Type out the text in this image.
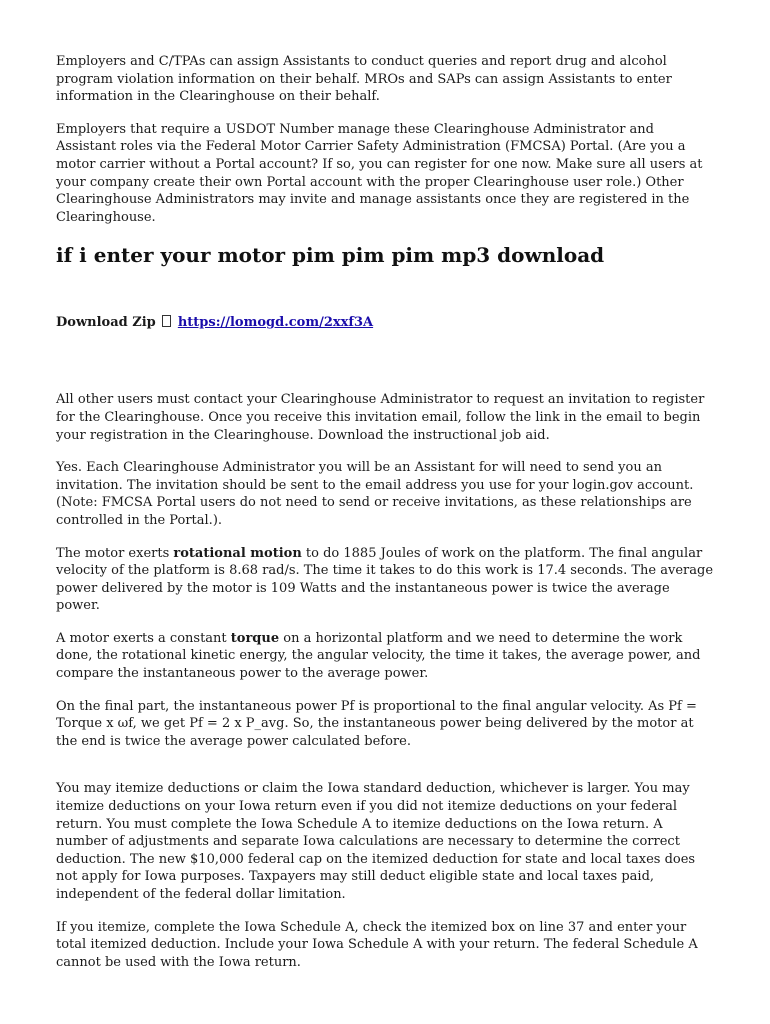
Employers and C/TPAs can assign Assistants to conduct queries and report drug and alcohol program violation information on their behalf. MROs and SAPs can assign Assistants to enter information in the Clearinghouse on their behalf.

Employers that require a USDOT Number manage these Clearinghouse Administrator and Assistant roles via the Federal Motor Carrier Safety Administration (FMCSA) Portal. (Are you a motor carrier without a Portal account? If so, you can register for one now. Make sure all users at your company create their own Portal account with the proper Clearinghouse user role.) Other Clearinghouse Administrators may invite and manage assistants once they are registered in the Clearinghouse.

if i enter your motor pim pim pim mp3 download
Download Zip https://lomogd.com/2xxf3A

All other users must contact your Clearinghouse Administrator to request an invitation to register for the Clearinghouse. Once you receive this invitation email, follow the link in the email to begin your registration in the Clearinghouse. Download the instructional job aid.

Yes. Each Clearinghouse Administrator you will be an Assistant for will need to send you an invitation. The invitation should be sent to the email address you use for your login.gov account. (Note: FMCSA Portal users do not need to send or receive invitations, as these relationships are controlled in the Portal.).

The motor exerts rotational motion to do 1885 Joules of work on the platform. The final angular velocity of the platform is 8.68 rad/s. The time it takes to do this work is 17.4 seconds. The average power delivered by the motor is 109 Watts and the instantaneous power is twice the average power.

A motor exerts a constant torque on a horizontal platform and we need to determine the work done, the rotational kinetic energy, the angular velocity, the time it takes, the average power, and compare the instantaneous power to the average power.

On the final part, the instantaneous power Pf is proportional to the final angular velocity. As Pf = Torque x ωf, we get Pf = 2 x P_avg. So, the instantaneous power being delivered by the motor at the end is twice the average power calculated before.

You may itemize deductions or claim the Iowa standard deduction, whichever is larger. You may itemize deductions on your Iowa return even if you did not itemize deductions on your federal return. You must complete the Iowa Schedule A to itemize deductions on the Iowa return. A number of adjustments and separate Iowa calculations are necessary to determine the correct deduction. The new $10,000 federal cap on the itemized deduction for state and local taxes does not apply for Iowa purposes. Taxpayers may still deduct eligible state and local taxes paid, independent of the federal dollar limitation.

If you itemize, complete the Iowa Schedule A, check the itemized box on line 37 and enter your total itemized deduction. Include your Iowa Schedule A with your return. The federal Schedule A cannot be used with the Iowa return.
